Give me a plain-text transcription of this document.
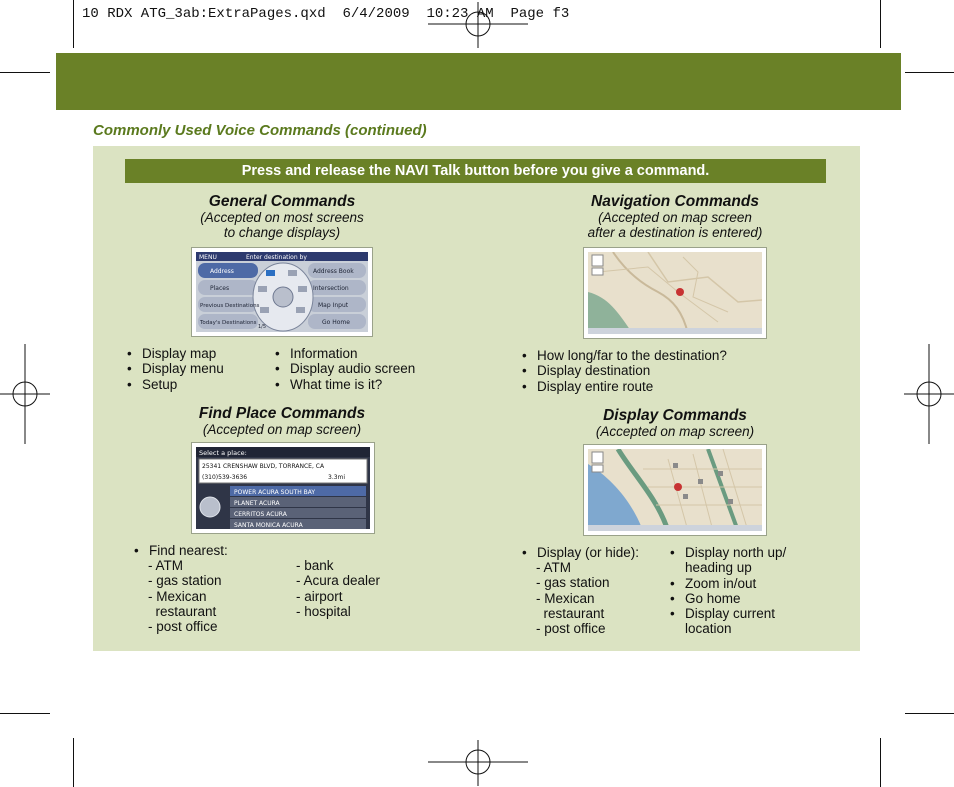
10 RDX ATG_3ab:ExtraPages.qxd  6/4/2009  10:23 AM  Page f3
Commonly Used Voice Commands (continued)
Press and release the NAVI Talk button before you give a command.
General Commands
(Accepted on most screens
to change displays)
MENU	Enter destination by
Address
Places
Previous Destinations
Today's Destinations
Address Book
Intersection
Map Input
Go Home
1/5
• Display map
• Display menu
• Setup
• Information
• Display audio screen
• What time is it?
Navigation Commands
(Accepted on map screen
after a destination is entered)
• How long/far to the destination?
• Display destination
• Display entire route
Find Place Commands
(Accepted on map screen)
Select a place:
25341 CRENSHAW BLVD, TORRANCE, CA
(310)539-3636	3.3mi
POWER ACURA SOUTH BAY
PLANET ACURA
CERRITOS ACURA
SANTA MONICA ACURA
• Find nearest:
- ATM
- gas station
- Mexican
restaurant
- post office
- bank
- Acura dealer
- airport
- hospital
Display Commands
(Accepted on map screen)
• Display (or hide):
- ATM
- gas station
- Mexican
restaurant
- post office
• Display north up/
heading up
• Zoom in/out
• Go home
• Display current
location
